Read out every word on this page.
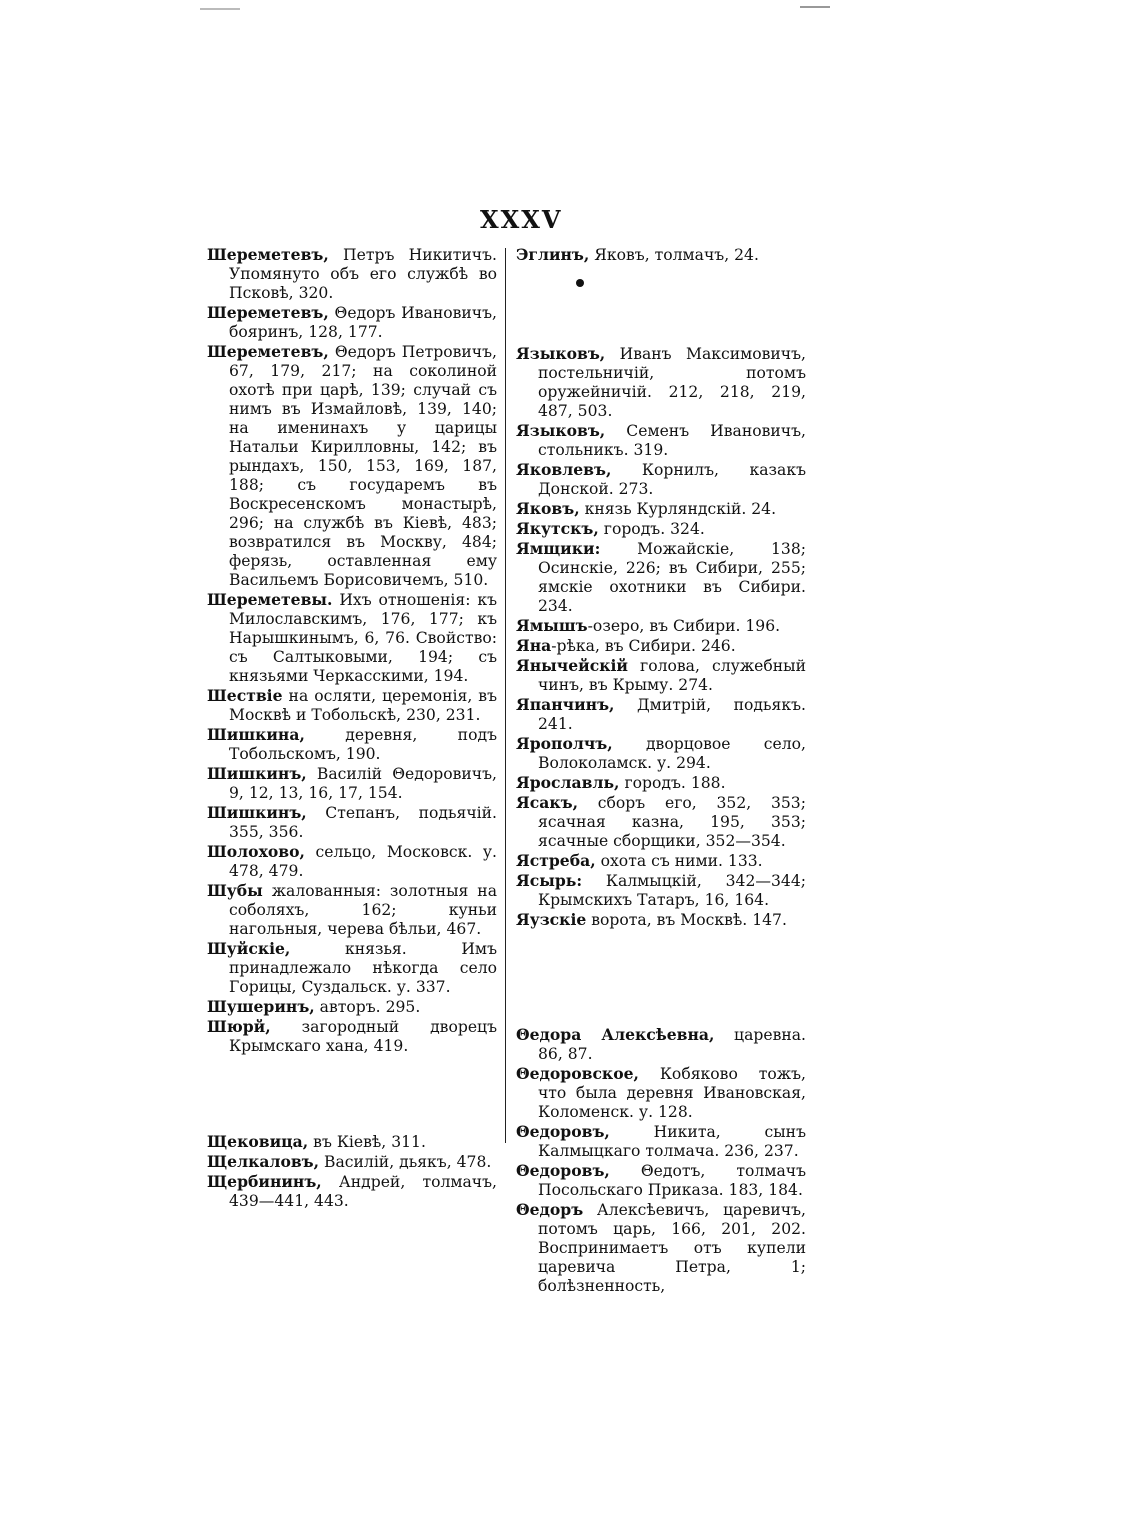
XXXV
Шереметевъ, Петръ Никитичъ. Упомянуто объ его службѣ во Псковѣ, 320.
Шереметевъ, Θедоръ Ивановичъ, бояринъ, 128, 177.
Шереметевъ, Θедоръ Петровичъ, 67, 179, 217; на соколиной охотѣ при царѣ, 139; случай съ нимъ въ Измайловѣ, 139, 140; на именинахъ у царицы Натальи Кирилловны, 142; въ рындахъ, 150, 153, 169, 187, 188; съ государемъ въ Воскресенскомъ монастырѣ, 296; на службѣ въ Кіевѣ, 483; возвратился въ Москву, 484; ферязь, оставленная ему Васильемъ Борисовичемъ, 510.
Шереметевы. Ихъ отношенія: къ Милославскимъ, 176, 177; къ Нарышкинымъ, 6, 76. Свойство: съ Салтыковыми, 194; съ князьями Черкасскими, 194.
Шествіе на осляти, церемонія, въ Москвѣ и Тобольскѣ, 230, 231.
Шишкина, деревня, подъ Тобольскомъ, 190.
Шишкинъ, Василій Θедоровичъ, 9, 12, 13, 16, 17, 154.
Шишкинъ, Степанъ, подьячій. 355, 356.
Шолохово, сельцо, Московск. у. 478, 479.
Шубы жалованныя: золотныя на соболяхъ, 162; куньи нагольныя, черева бѣльи, 467.
Шуйскіе, князья. Имъ принадлежало нѣкогда село Горицы, Суздальск. у. 337.
Шушеринъ, авторъ. 295.
Шюрй, загородный дворецъ Крымскаго хана, 419.
Щековица, въ Кіевѣ, 311.
Щелкаловъ, Василій, дьякъ, 478.
Щербининъ, Андрей, толмачъ, 439—441, 443.
Эглинъ, Яковъ, толмачъ, 24.
Языковъ, Иванъ Максимовичъ, постельничій, потомъ оружейничій. 212, 218, 219, 487, 503.
Языковъ, Семенъ Ивановичъ, стольникъ. 319.
Яковлевъ, Корнилъ, казакъ Донской. 273.
Яковъ, князь Курляндскій. 24.
Якутскъ, городъ. 324.
Ямщики: Можайскіе, 138; Осинскіе, 226; въ Сибири, 255; ямскіе охотники въ Сибири. 234.
Ямышъ-озеро, въ Сибири. 196.
Яна-рѣка, въ Сибири. 246.
Янычейскій голова, служебный чинъ, въ Крыму. 274.
Япанчинъ, Дмитрій, подьякъ. 241.
Ярополчъ, дворцовое село, Волоколамск. у. 294.
Ярославль, городъ. 188.
Ясакъ, сборъ его, 352, 353; ясачная казна, 195, 353; ясачные сборщики, 352—354.
Ястреба, охота съ ними. 133.
Ясырь: Калмыцкій, 342—344; Крымскихъ Татаръ, 16, 164.
Яузскіе ворота, въ Москвѣ. 147.
Θедора Алексѣевна, царевна. 86, 87.
Θедоровское, Кобяково тожъ, что была деревня Ивановская, Коломенск. у. 128.
Θедоровъ, Никита, сынъ Калмыцкаго толмача. 236, 237.
Θедоровъ, Θедотъ, толмачъ Посольскаго Приказа. 183, 184.
Θедоръ Алексѣевичъ, царевичъ, потомъ царь, 166, 201, 202. Воспринимаетъ отъ купели царевича Петра, 1; болѣзненность,
